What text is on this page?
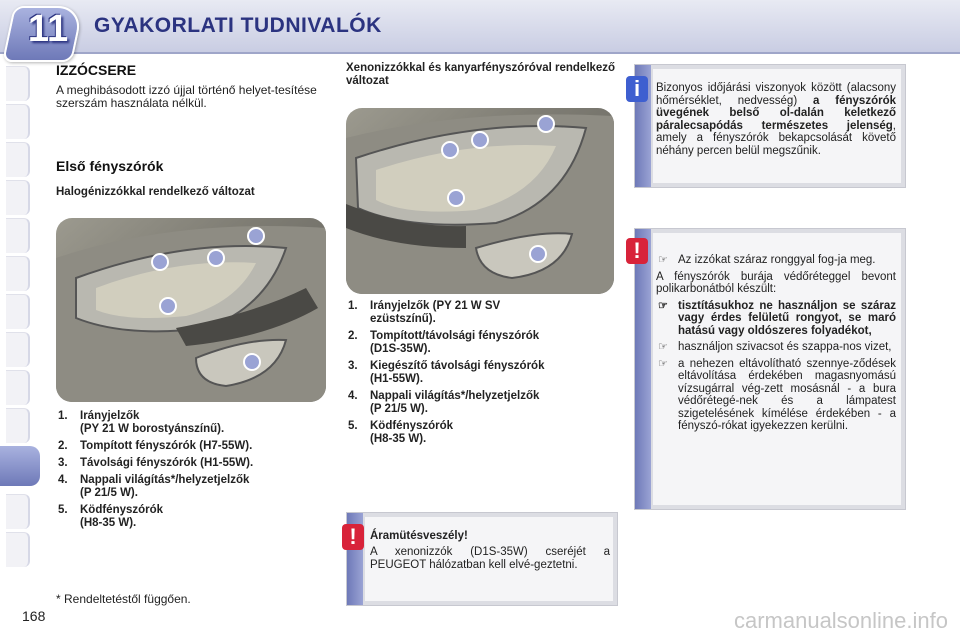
11	GYAKORLATI TUDNIVALÓK
IZZÓCSERE
A meghibásodott izzó újjal történő helyet-tesítése szerszám használata nélkül.
Első fényszórók
Halogénizzókkal rendelkező változat
1. Irányjelzők
(PY 21 W borostyánszínű).
2. Tompított fényszórók (H7-55W).
3. Távolsági fényszórók (H1-55W).
4. Nappali világítás*/helyzetjelzők
(P 21/5 W).
5. Ködfényszórók
(H8-35 W).
* Rendeltetéstől függően.
Xenonizzókkal és kanyarfényszóróval rendelkező változat
1. Irányjelzők (PY 21 W SV
ezüstszínű).
2. Tompított/távolsági fényszórók
(D1S-35W).
3. Kiegészítő távolsági fényszórók
(H1-55W).
4. Nappali világítás*/helyzetjelzők
(P 21/5 W).
5. Ködfényszórók
(H8-35 W).
!	Áramütésveszély!
A xenonizzók (D1S-35W) cseréjét a PEUGEOT hálózatban kell elvé-geztetni.
i	Bizonyos időjárási viszonyok között (alacsony hőmérséklet, nedvesség) a fényszórók üvegének belső ol-dalán keletkező páralecsapódás természetes jelenség, amely a fényszórók bekapcsolását követő néhány percen belül megszűnik.
!	☞ Az izzókat száraz ronggyal fog-ja meg.
A fényszórók burája védőréteggel bevont polikarbonátból készült:
☞ tisztításukhoz ne használjon se száraz vagy érdes felületű rongyot, se maró hatású vagy oldószeres folyadékot,
☞ használjon szivacsot és szappa-nos vizet,
☞ a nehezen eltávolítható szennye-ződések eltávolítása érdekében magasnyomású vízsugárral vég-zett mosásnál - a bura védőrétegé-nek és a lámpatest szigetelésének kímélése érdekében - a fényszó-rókat igyekezzen kerülni.
168	carmanualsonline.info
